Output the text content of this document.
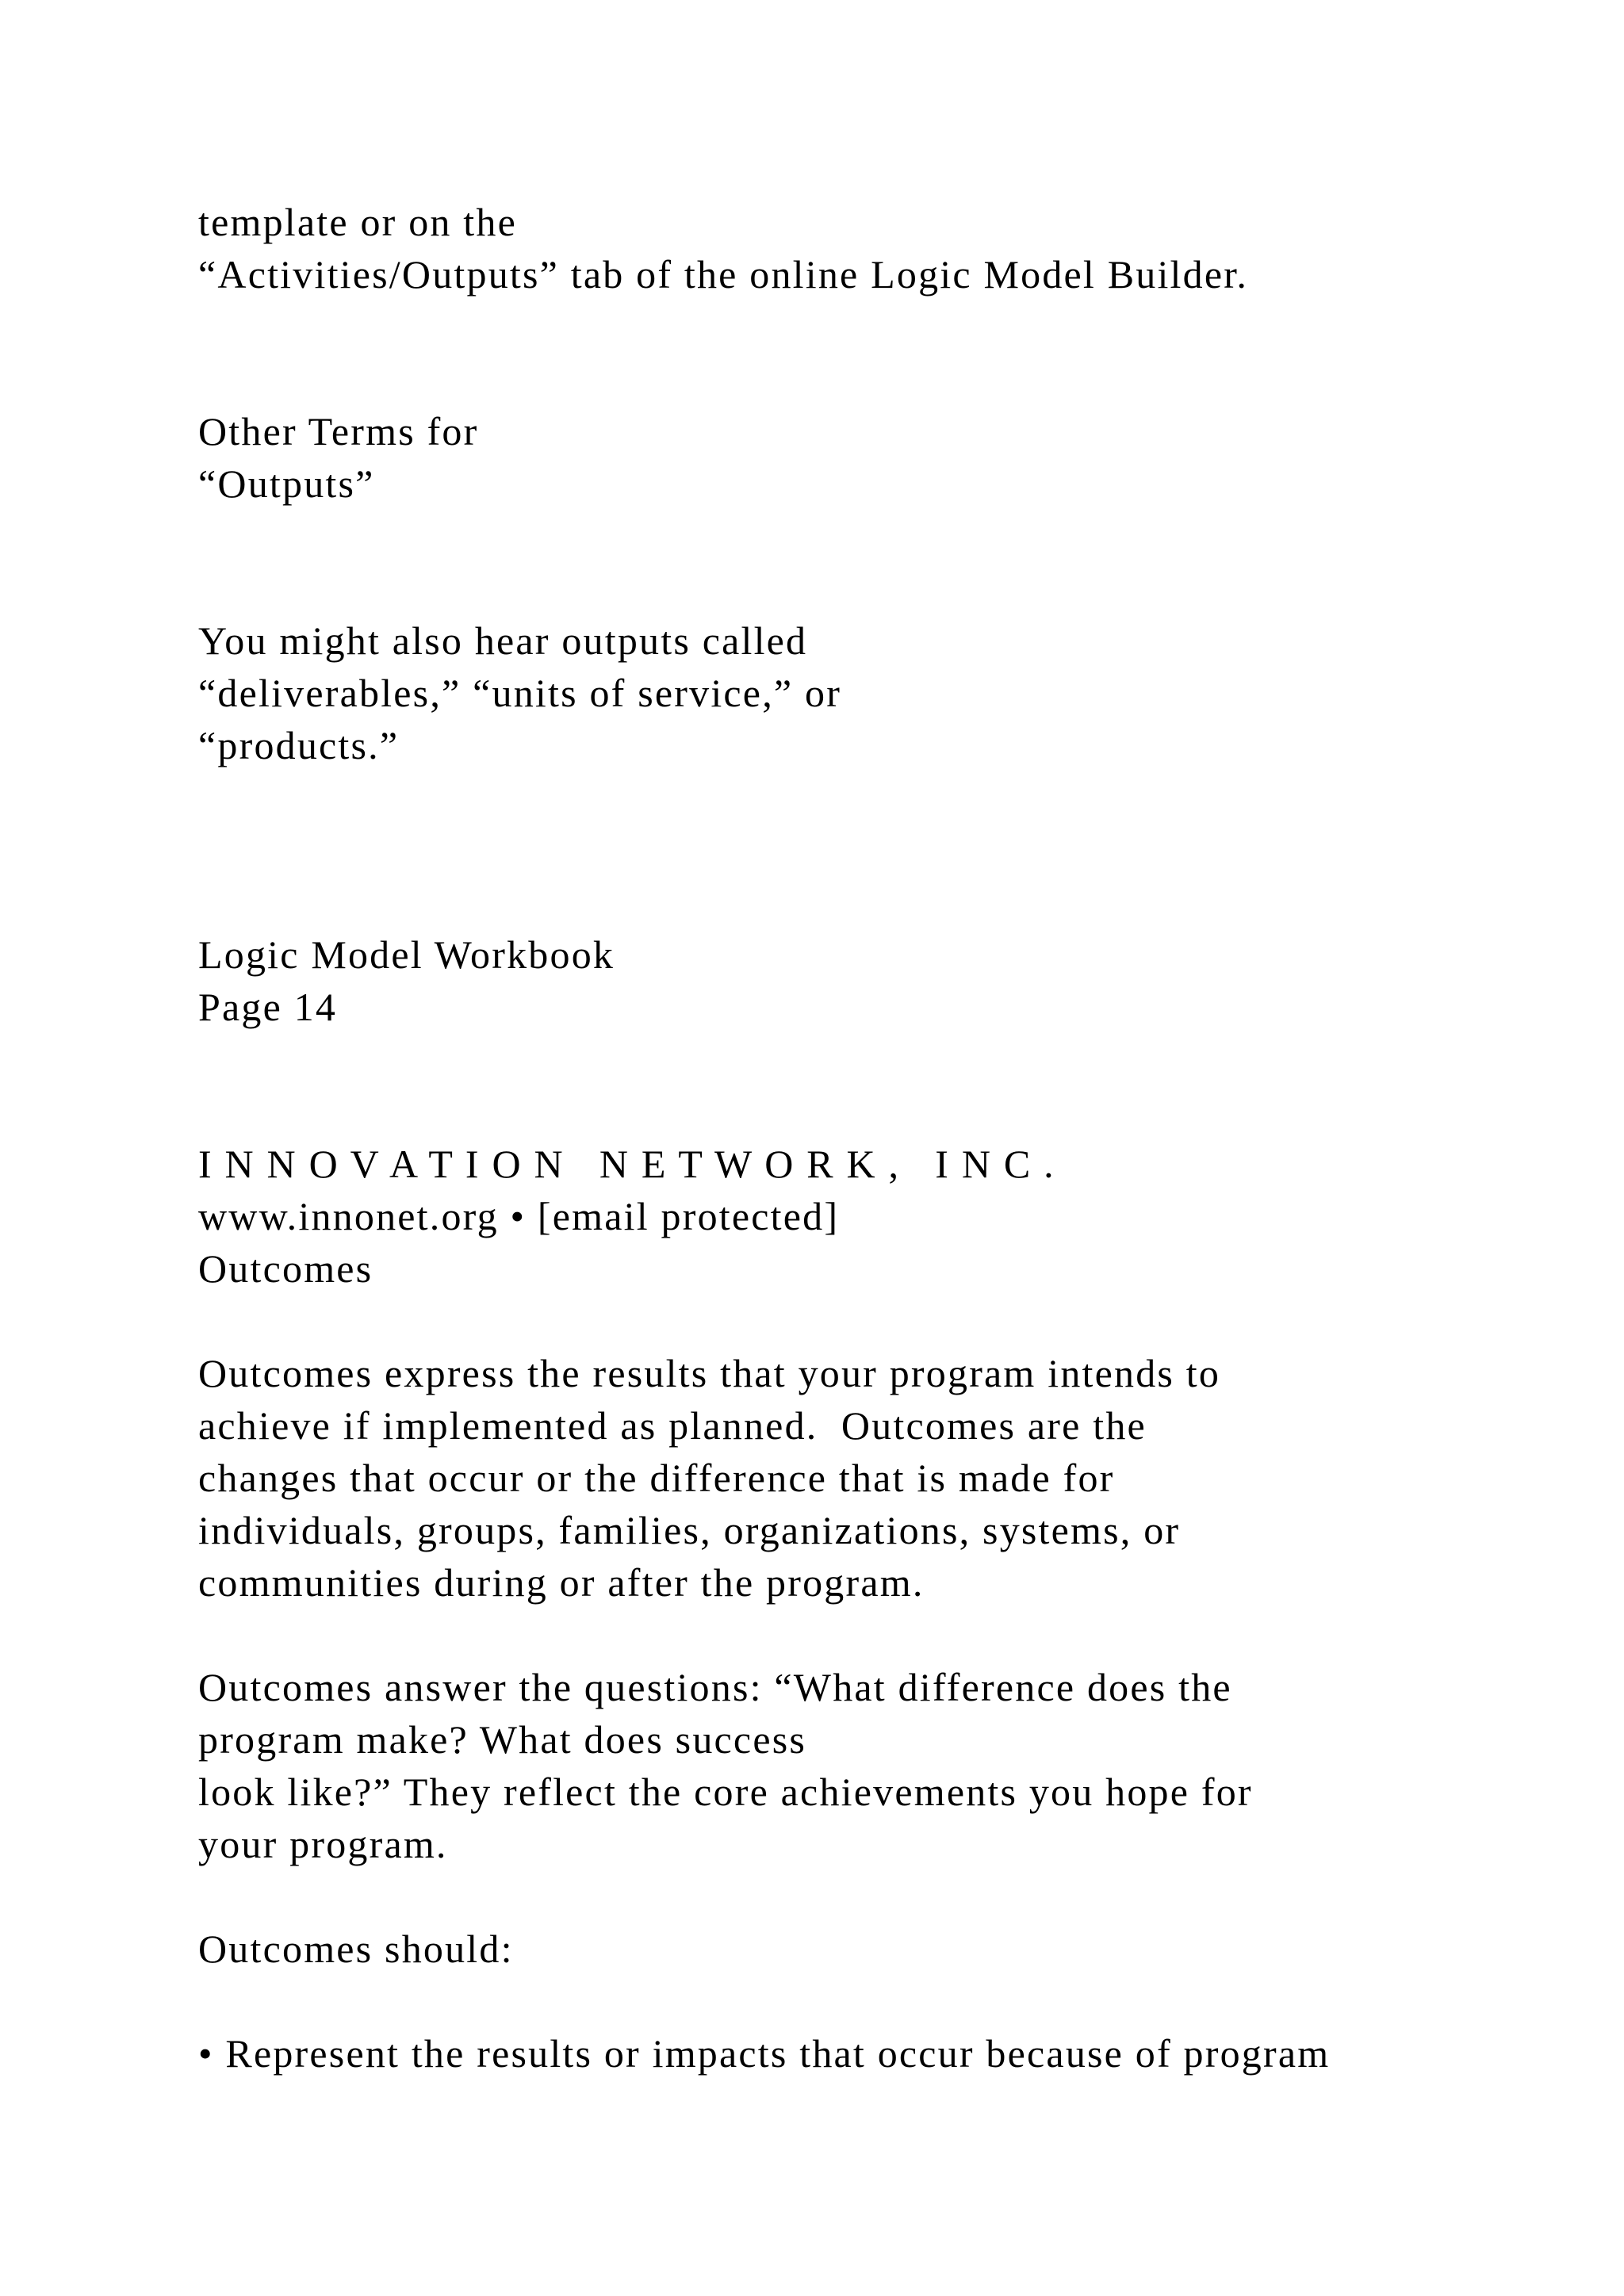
template or on the
“Activities/Outputs” tab of the online Logic Model Builder.
Other Terms for
“Outputs”
You might also hear outputs called
“deliverables,” “units of service,” or
“products.”
Logic Model Workbook
Page 14
I N N O V A T I O N   N E T W O R K ,   I N C .
www.innonet.org • [email protected]
Outcomes
Outcomes express the results that your program intends to
achieve if implemented as planned.  Outcomes are the
changes that occur or the difference that is made for
individuals, groups, families, organizations, systems, or
communities during or after the program.
Outcomes answer the questions: “What difference does the
program make? What does success
look like?” They reflect the core achievements you hope for
your program.
Outcomes should:
• Represent the results or impacts that occur because of program
